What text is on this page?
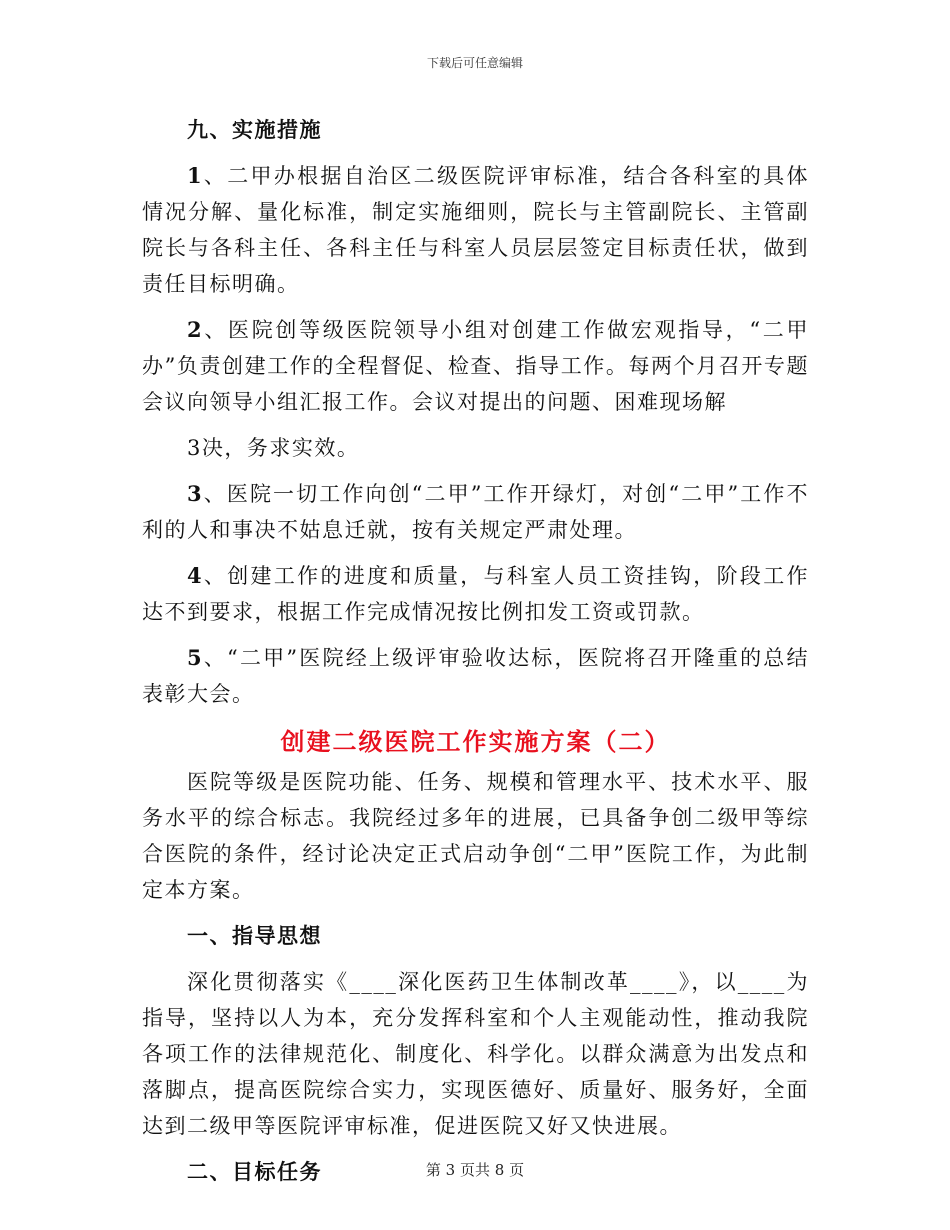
下载后可任意编辑

九、实施措施

1、二甲办根据自治区二级医院评审标准，结合各科室的具体情况分解、量化标准，制定实施细则，院长与主管副院长、主管副院长与各科主任、各科主任与科室人员层层签定目标责任状，做到责任目标明确。

2、医院创等级医院领导小组对创建工作做宏观指导，“二甲办”负责创建工作的全程督促、检查、指导工作。每两个月召开专题会议向领导小组汇报工作。会议对提出的问题、困难现场解

3决，务求实效。

3、医院一切工作向创“二甲”工作开绿灯，对创“二甲”工作不利的人和事决不姑息迁就，按有关规定严肃处理。

4、创建工作的进度和质量，与科室人员工资挂钩，阶段工作达不到要求，根据工作完成情况按比例扣发工资或罚款。

5、“二甲”医院经上级评审验收达标，医院将召开隆重的总结表彰大会。

创建二级医院工作实施方案（二）

医院等级是医院功能、任务、规模和管理水平、技术水平、服务水平的综合标志。我院经过多年的进展，已具备争创二级甲等综合医院的条件，经讨论决定正式启动争创“二甲”医院工作，为此制定本方案。

一、指导思想

深化贯彻落实《____深化医药卫生体制改革____》，以____为指导，坚持以人为本，充分发挥科室和个人主观能动性，推动我院各项工作的法律规范化、制度化、科学化。以群众满意为出发点和落脚点，提高医院综合实力，实现医德好、质量好、服务好，全面达到二级甲等医院评审标准，促进医院又好又快进展。

二、目标任务	第 3 页共 8 页
